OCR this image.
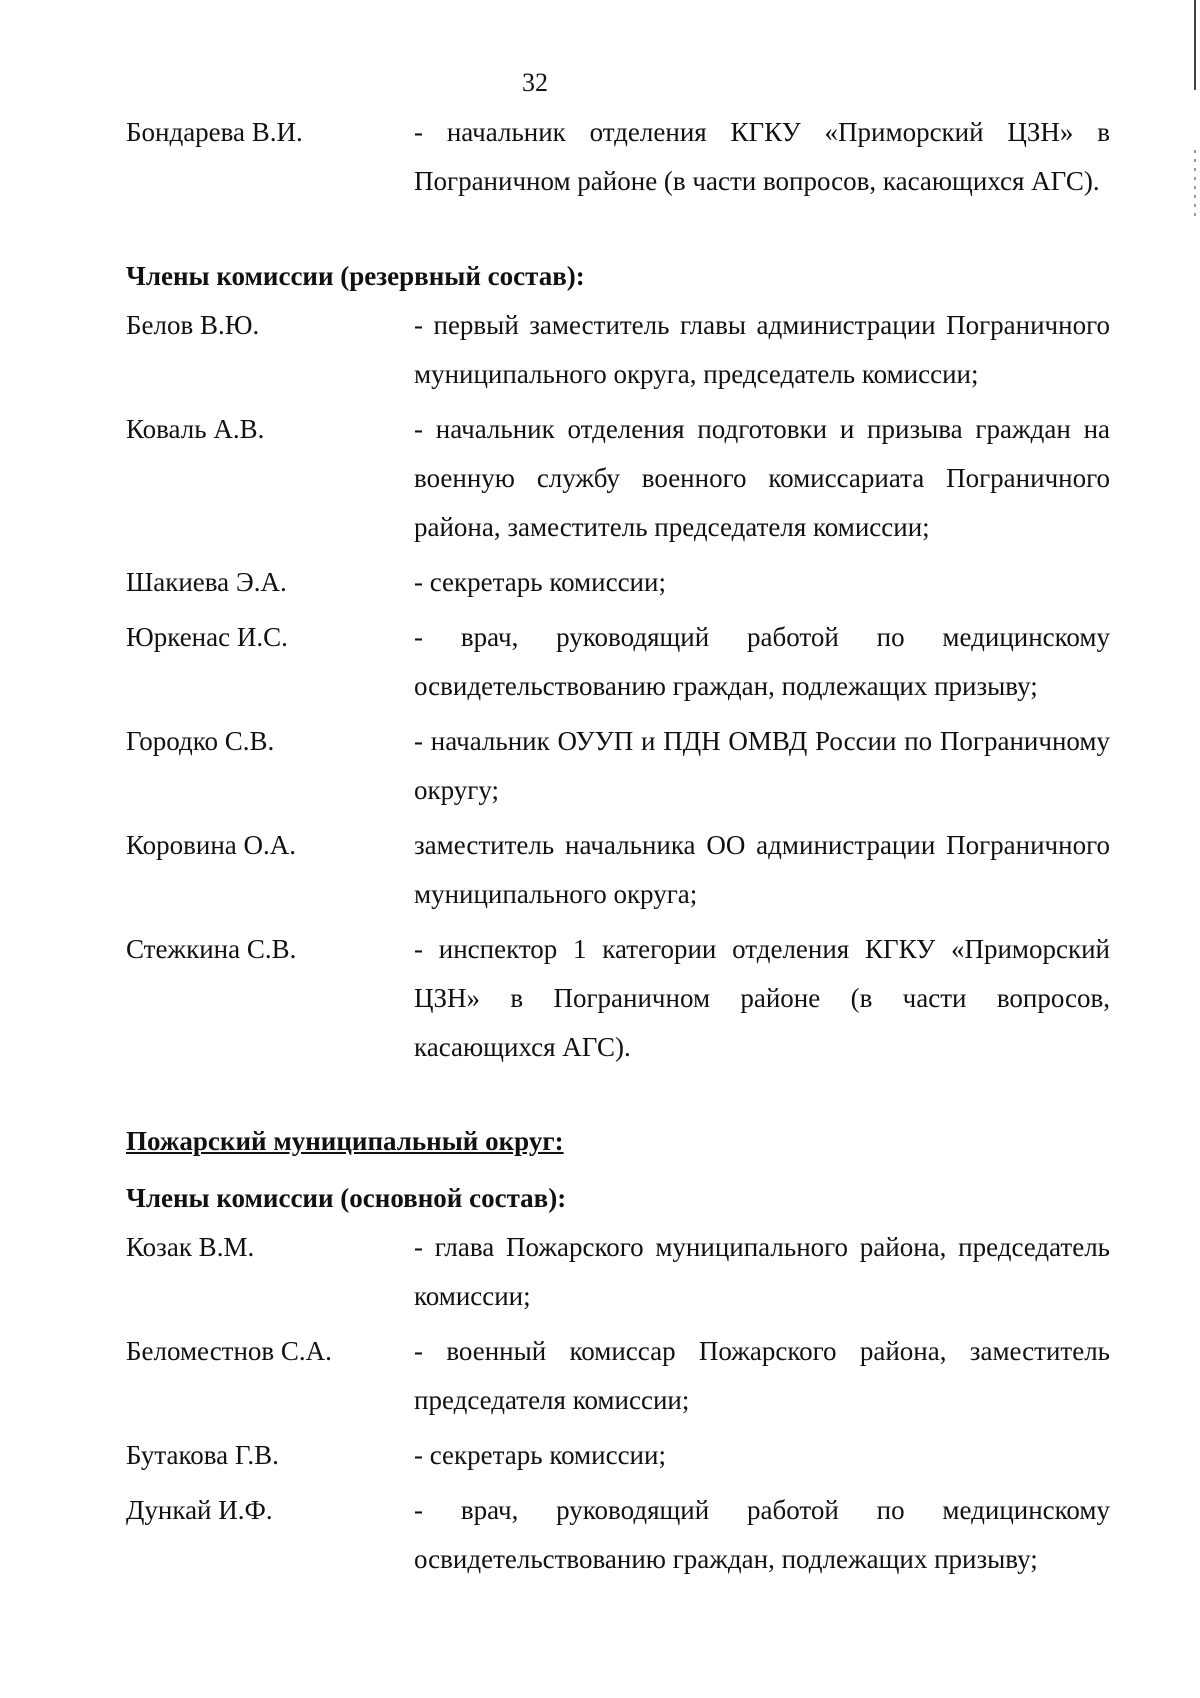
32
Бондарева В.И.	- начальник отделения КГКУ «Приморский ЦЗН» в Пограничном районе (в части вопросов, касающихся АГС).
Члены комиссии (резервный состав):
Белов В.Ю.	- первый заместитель главы администрации Пограничного муниципального округа, председатель комиссии;
Коваль А.В.	- начальник отделения подготовки и призыва граждан на военную службу военного комиссариата Пограничного района, заместитель председателя комиссии;
Шакиева Э.А.	- секретарь комиссии;
Юркенас И.С.	- врач, руководящий работой по медицинскому освидетельствованию граждан, подлежащих призыву;
Городко С.В.	- начальник ОУУП и ПДН ОМВД России по Пограничному округу;
Коровина О.А.	заместитель начальника ОО администрации Пограничного муниципального округа;
Стежкина С.В.	- инспектор 1 категории отделения КГКУ «Приморский ЦЗН» в Пограничном районе (в части вопросов, касающихся АГС).
Пожарский муниципальный округ:
Члены комиссии (основной состав):
Козак В.М.	- глава Пожарского муниципального района, председатель комиссии;
Беломестнов С.А.	- военный комиссар Пожарского района, заместитель председателя комиссии;
Бутакова Г.В.	- секретарь комиссии;
Дункай И.Ф.	- врач, руководящий работой по медицинскому освидетельствованию граждан, подлежащих призыву;
